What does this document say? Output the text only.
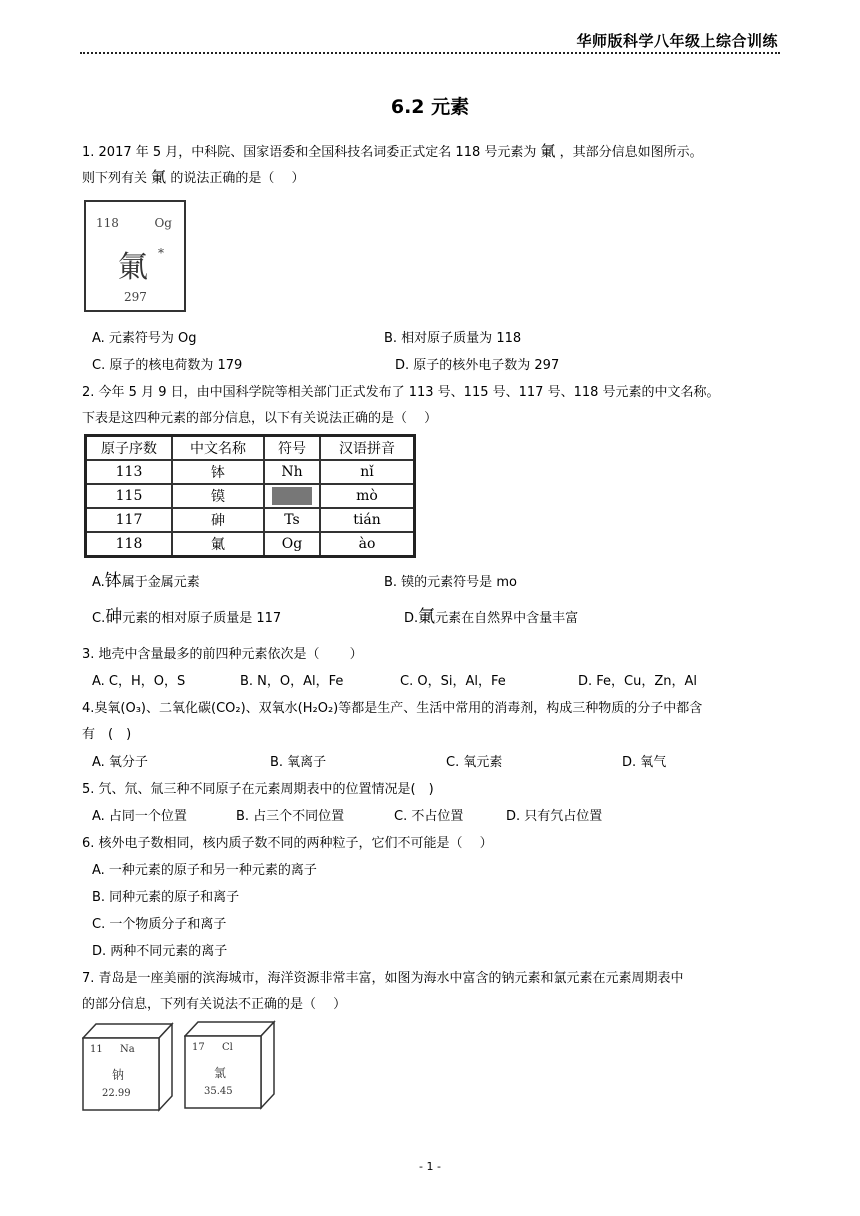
华师版科学八年级上综合训练
6.2 元素
1. 2017 年 5 月，中科院、国家语委和全国科技名词委正式定名 118 号元素为 氭 ，其部分信息如图所示。
则下列有关 氭 的说法正确的是（　 ）
118	Og
氭 *
297
A. 元素符号为 Og	B. 相对原子质量为 118
C. 原子的核电荷数为 179	D. 原子的核外电子数为 297
2. 今年 5 月 9 日，由中国科学院等相关部门正式发布了 113 号、115 号、117 号、118 号元素的中文名称。
下表是这四种元素的部分信息，以下有关说法正确的是（　 ）
原子序数	中文名称	符号	汉语拼音
113	钵	Nh	nǐ
115	镆		mò
117	砷	Ts	tián
118	氭	Og	ào
A.钵属于金属元素	B. 镆的元素符号是 mo
C.砷元素的相对原子质量是 117	D.氭元素在自然界中含量丰富
3. 地壳中含量最多的前四种元素依次是（　　 ）
A. C，H，O，S	B. N，O，Al，Fe	C. O，Si，Al，Fe	D. Fe，Cu，Zn，Al
4.臭氧(O₃)、二氧化碳(CO₂)、双氧水(H₂O₂)等都是生产、生活中常用的消毒剂，构成三种物质的分子中都含
有　(　)
A. 氧分子	B. 氧离子	C. 氧元素	D. 氧气
5. 氕、氘、氚三种不同原子在元素周期表中的位置情况是(　)
A. 占同一个位置	B. 占三个不同位置	C. 不占位置	D. 只有氕占位置
6. 核外电子数相同，核内质子数不同的两种粒子，它们不可能是（　 ）
A. 一种元素的原子和另一种元素的离子
B. 同种元素的原子和离子
C. 一个物质分子和离子
D. 两种不同元素的离子
7. 青岛是一座美丽的滨海城市，海洋资源非常丰富，如图为海水中富含的钠元素和氯元素在元素周期表中
的部分信息，下列有关说法不正确的是（　 ）
11 Na
钠
22.99
17 Cl
氯
35.45
- 1 -
